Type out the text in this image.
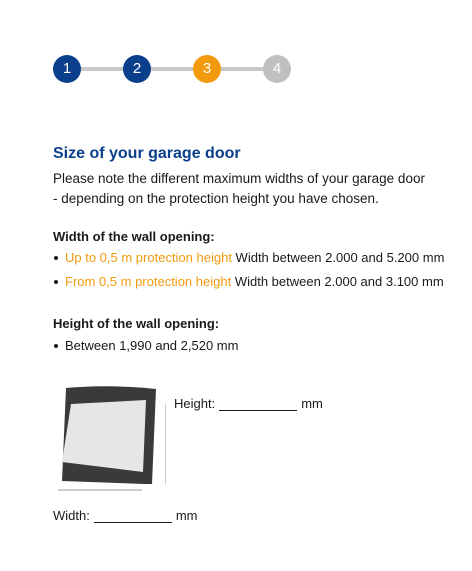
1	2	3	4
Size of your garage door

Please note the different maximum widths of your garage door - depending on the protection height you have chosen.

Width of the wall opening:
Up to 0,5 m protection height Width between 2.000 and 5.200 mm
From 0,5 m protection height Width between 2.000 and 3.100 mm
Height of the wall opening:
Between 1,990 and 2,520 mm
Height:	mm
Width:	mm
